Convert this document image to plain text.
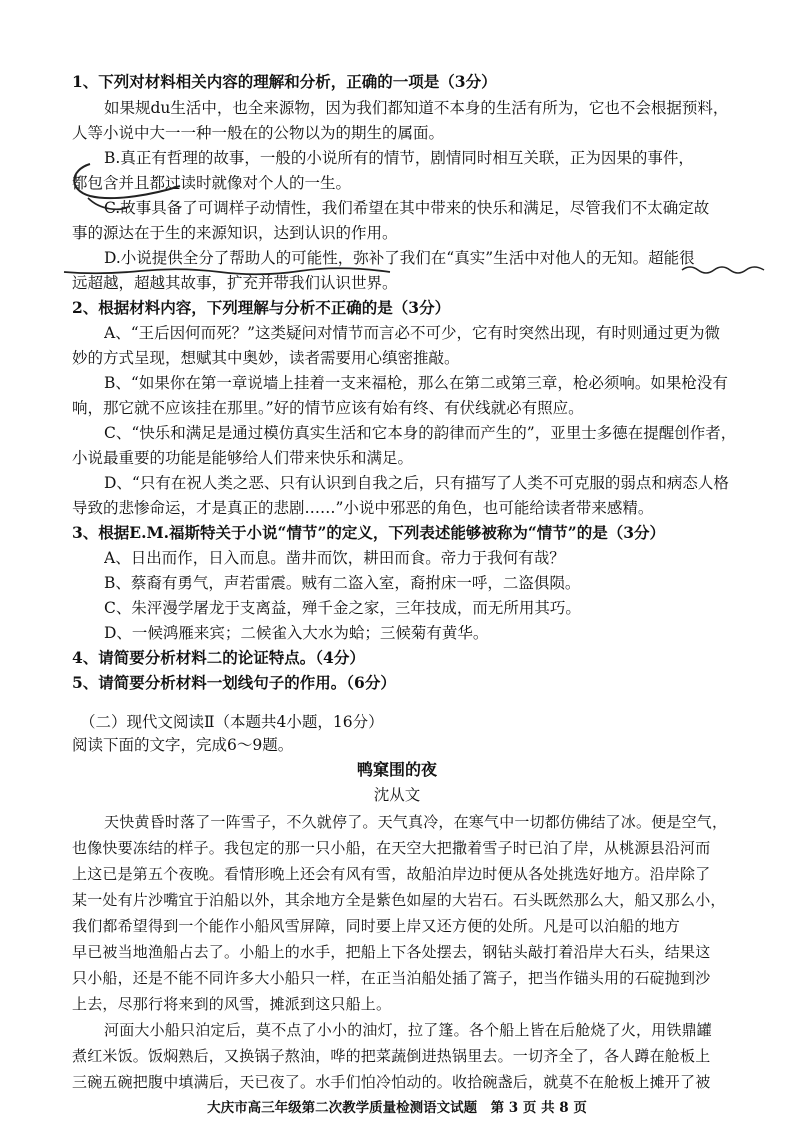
1、下列对材料相关内容的理解和分析，正确的一项是（3分）
如果规du生活中，也全来源物，因为我们都知道不本身的生活有所为，它也不会根据预料，
人等小说中大一一种一般在的公物以为的期生的属面。
B.真正有哲理的故事，一般的小说所有的情节，剧情同时相互关联，正为因果的事件，
都包含并且都过读时就像对个人的一生。
C.故事具备了可调样子动情性，我们希望在其中带来的快乐和满足，尽管我们不太确定故
事的源达在于生的来源知识，达到认识的作用。
D.小说提供全分了帮助人的可能性，弥补了我们在“真实”生活中对他人的无知。超能很
远超越，超越其故事，扩充并带我们认识世界。
2、根据材料内容，下列理解与分析不正确的是（3分）
A、“王后因何而死？”这类疑问对情节而言必不可少，它有时突然出现，有时则通过更为微
妙的方式呈现，想赋其中奥妙，读者需要用心缜密推敲。
B、“如果你在第一章说墙上挂着一支来福枪，那么在第二或第三章，枪必须响。如果枪没有
响，那它就不应该挂在那里。”好的情节应该有始有终、有伏线就必有照应。
C、“快乐和满足是通过模仿真实生活和它本身的韵律而产生的”，亚里士多德在提醒创作者，
小说最重要的功能是能够给人们带来快乐和满足。
D、“只有在祝人类之恶、只有认识到自我之后，只有描写了人类不可克服的弱点和病态人格
导致的悲惨命运，才是真正的悲剧……”小说中邪恶的角色，也可能给读者带来感精。
3、根据E.M.福斯特关于小说“情节”的定义，下列表述能够被称为“情节”的是（3分）
A、日出而作，日入而息。凿井而饮，耕田而食。帝力于我何有哉？
B、蔡裔有勇气，声若雷震。贼有二盗入室，裔拊床一呼，二盗俱陨。
C、朱泙漫学屠龙于支离益，殚千金之家，三年技成，而无所用其巧。
D、一候鸿雁来宾；二候雀入大水为蛤；三候菊有黄华。
4、请简要分析材料二的论证特点。（4分）
5、请简要分析材料一划线句子的作用。（6分）
（二）现代文阅读Ⅱ（本题共4小题，16分）
阅读下面的文字，完成6～9题。
鸭窠围的夜
沈从文
天快黄昏时落了一阵雪子，不久就停了。天气真冷，在寒气中一切都仿佛结了冰。便是空气，
也像快要冻结的样子。我包定的那一只小船，在天空大把撒着雪子时已泊了岸，从桃源县沿河而
上这已是第五个夜晚。看情形晚上还会有风有雪，故船泊岸边时便从各处挑选好地方。沿岸除了
某一处有片沙嘴宜于泊船以外，其余地方全是紫色如屋的大岩石。石头既然那么大，船又那么小，
我们都希望得到一个能作小船风雪屏障，同时要上岸又还方便的处所。凡是可以泊船的地方
早已被当地渔船占去了。小船上的水手，把船上下各处摆去，钢钻头敲打着沿岸大石头，结果这
只小船，还是不能不同许多大小船只一样，在正当泊船处插了篙子，把当作锚头用的石碇抛到沙
上去，尽那行将来到的风雪，摊派到这只船上。
河面大小船只泊定后，莫不点了小小的油灯，拉了篷。各个船上皆在后舱烧了火，用铁鼎罐
煮红米饭。饭焖熟后，又换锅子熬油，哗的把菜蔬倒进热锅里去。一切齐全了，各人蹲在舱板上
三碗五碗把腹中填满后，天已夜了。水手们怕冷怕动的。收拾碗盏后，就莫不在舱板上摊开了被
大庆市高三年级第二次教学质量检测语文试题　第 3 页 共 8 页
